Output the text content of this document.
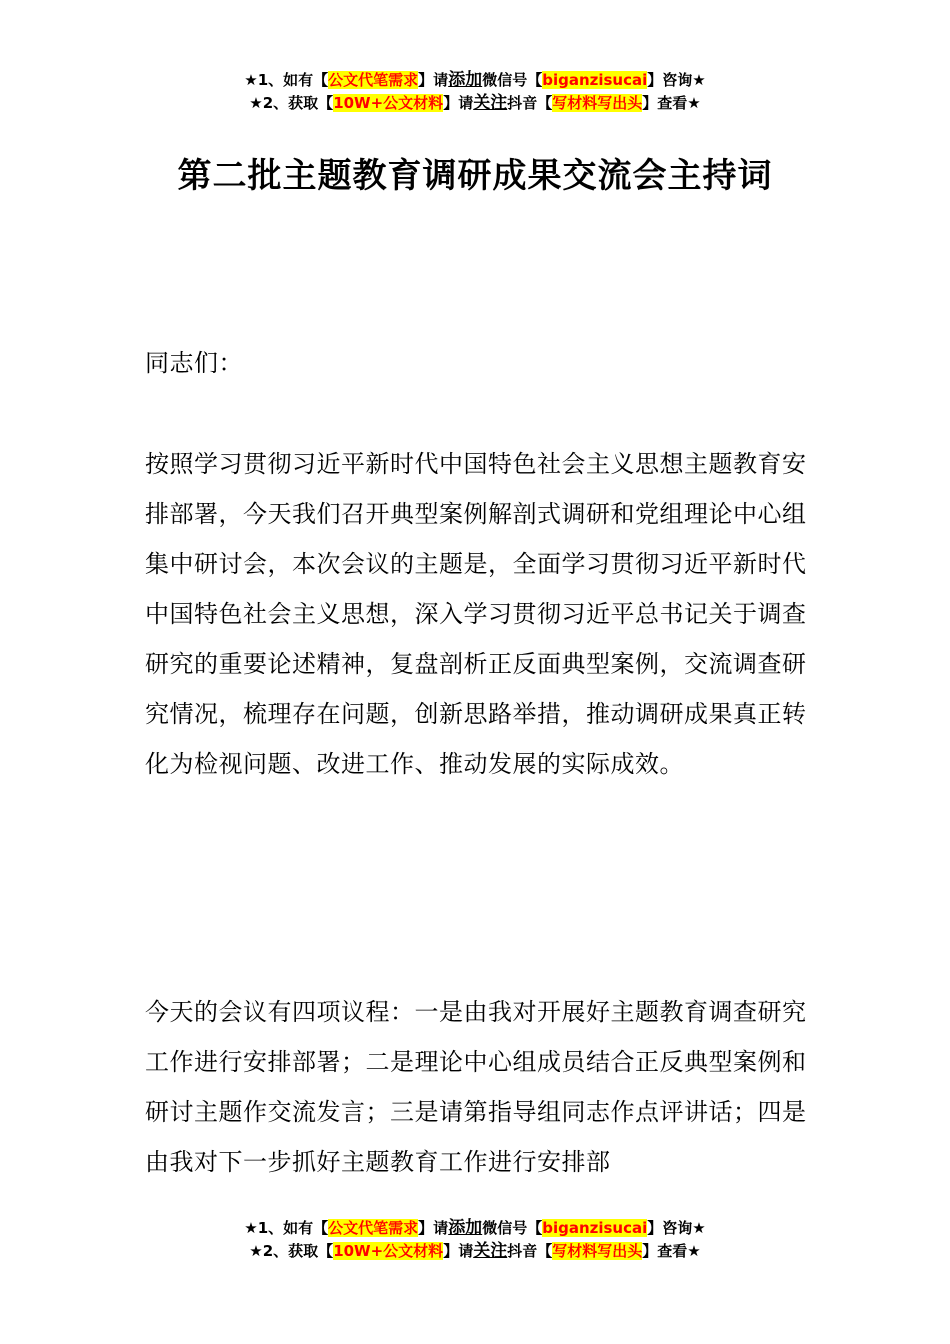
★1、如有【公文代笔需求】请添加微信号【biganzisucai】咨询★
★2、获取【10W+公文材料】请关注抖音【写材料写出头】查看★
第二批主题教育调研成果交流会主持词

同志们：

按照学习贯彻习近平新时代中国特色社会主义思想主题教育安排部署，今天我们召开典型案例解剖式调研和党组理论中心组集中研讨会，本次会议的主题是，全面学习贯彻习近平新时代中国特色社会主义思想，深入学习贯彻习近平总书记关于调查研究的重要论述精神，复盘剖析正反面典型案例，交流调查研究情况，梳理存在问题，创新思路举措，推动调研成果真正转化为检视问题、改进工作、推动发展的实际成效。

今天的会议有四项议程：一是由我对开展好主题教育调查研究工作进行安排部署；二是理论中心组成员结合正反典型案例和研讨主题作交流发言；三是请第指导组同志作点评讲话；四是由我对下一步抓好主题教育工作进行安排部

★1、如有【公文代笔需求】请添加微信号【biganzisucai】咨询★
★2、获取【10W+公文材料】请关注抖音【写材料写出头】查看★
